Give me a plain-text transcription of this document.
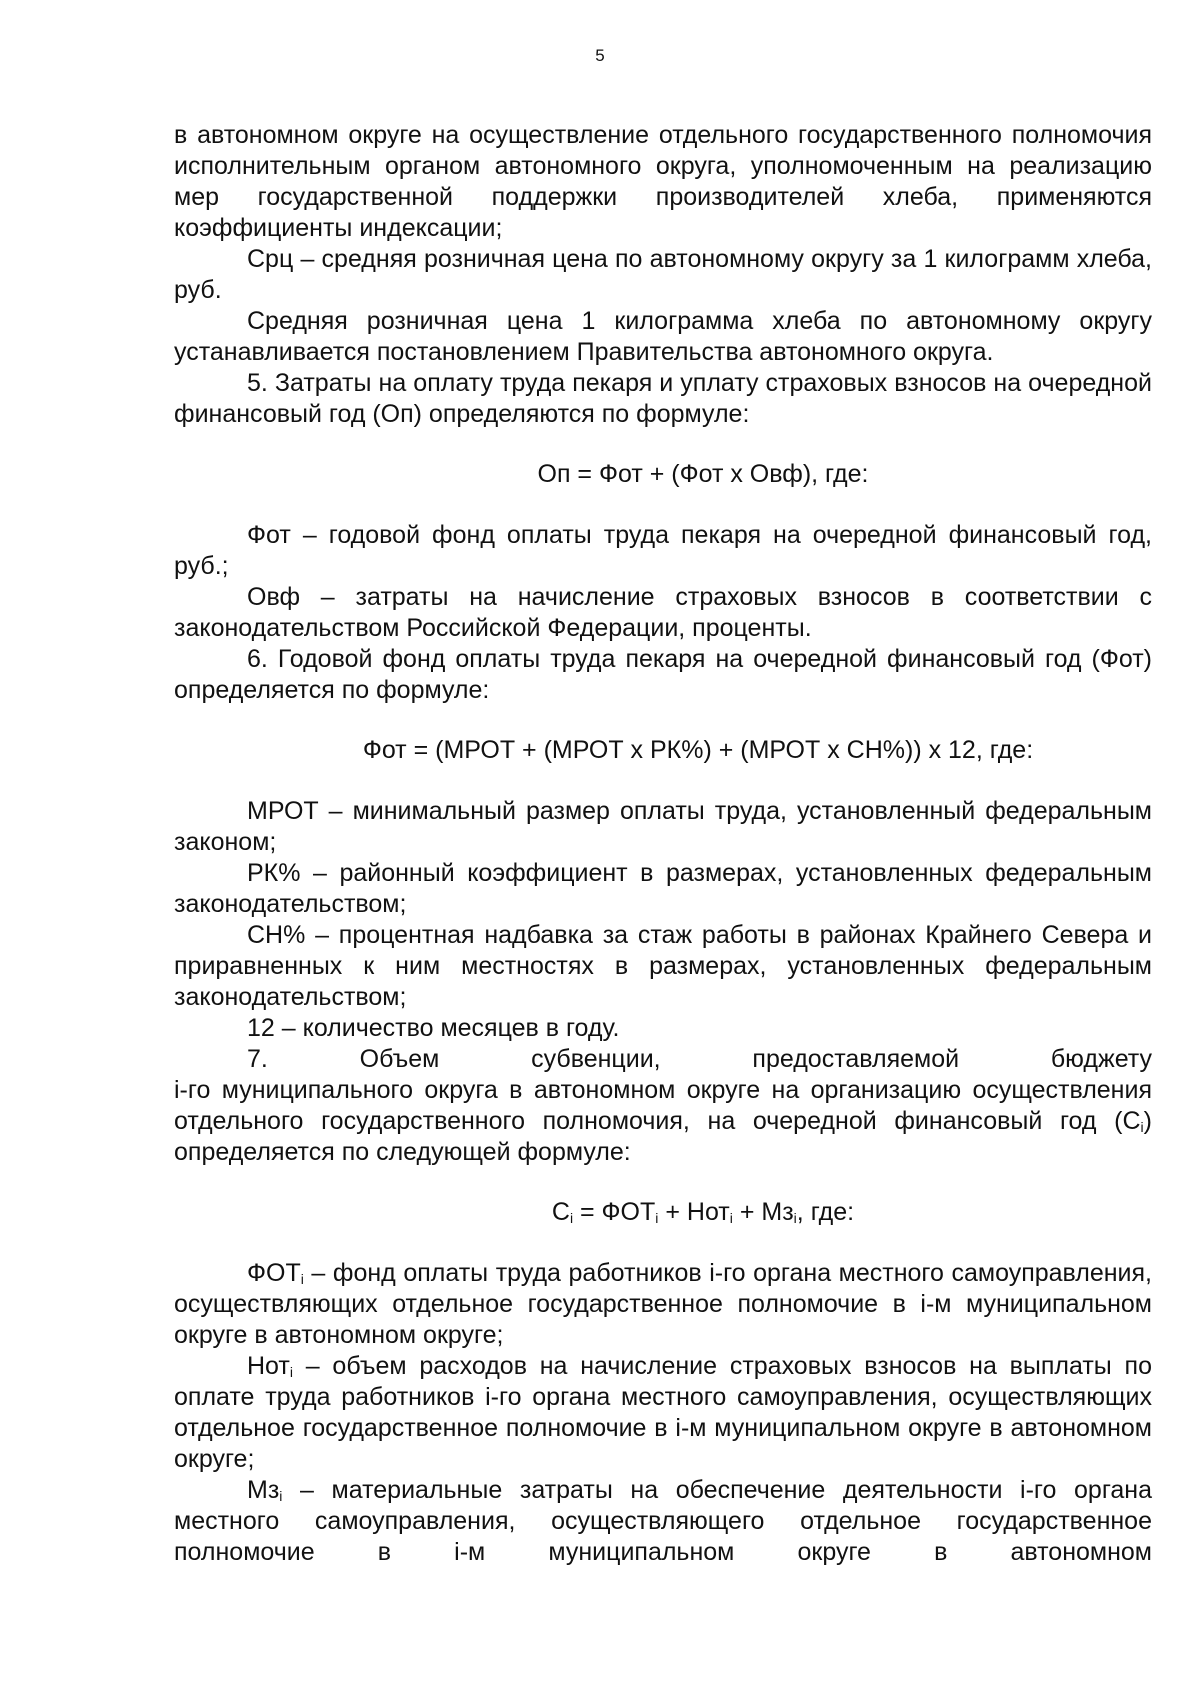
5

в автономном округе на осуществление отдельного государственного полномочия исполнительным органом автономного округа, уполномоченным на реализацию мер государственной поддержки производителей хлеба, применяются коэффициенты индексации;

Срц – средняя розничная цена по автономному округу за 1 килограмм хлеба, руб.

Средняя розничная цена 1 килограмма хлеба по автономному округу устанавливается постановлением Правительства автономного округа.

5. Затраты на оплату труда пекаря и уплату страховых взносов на очередной финансовый год (Оп) определяются по формуле:

Оп = Фот + (Фот х Овф), где:

Фот – годовой фонд оплаты труда пекаря на очередной финансовый год, руб.;

Овф – затраты на начисление страховых взносов в соответствии с законодательством Российской Федерации, проценты.

6. Годовой фонд оплаты труда пекаря на очередной финансовый год (Фот) определяется по формуле:

Фот = (МРОТ + (МРОТ х РК%) + (МРОТ х СН%)) х 12, где:

МРОТ – минимальный размер оплаты труда, установленный федеральным законом;

РК% – районный коэффициент в размерах, установленных федеральным законодательством;

СН% – процентная надбавка за стаж работы в районах Крайнего Севера и приравненных к ним местностях в размерах, установленных федеральным законодательством;

12 – количество месяцев в году.

7. Объем субвенции, предоставляемой бюджету

i-го муниципального округа в автономном округе на организацию осуществления отдельного государственного полномочия, на очередной финансовый год $(С_i)$ определяется по следующей формуле:

$С_i = ФОТ_i + Нот_i + Мз_i$, где:

$ФОТ_i$ – фонд оплаты труда работников i-го органа местного самоуправления, осуществляющих отдельное государственное полномочие в i-м муниципальном округе в автономном округе;

Нот$_i$ – объем расходов на начисление страховых взносов на выплаты по оплате труда работников i-го органа местного самоуправления, осуществляющих отдельное государственное полномочие в i-м муниципальном округе в автономном округе;

$Мз_i$ – материальные затраты на обеспечение деятельности i-го органа местного самоуправления, осуществляющего отдельное государственное полномочие в i-м муниципальном округе в автономном
